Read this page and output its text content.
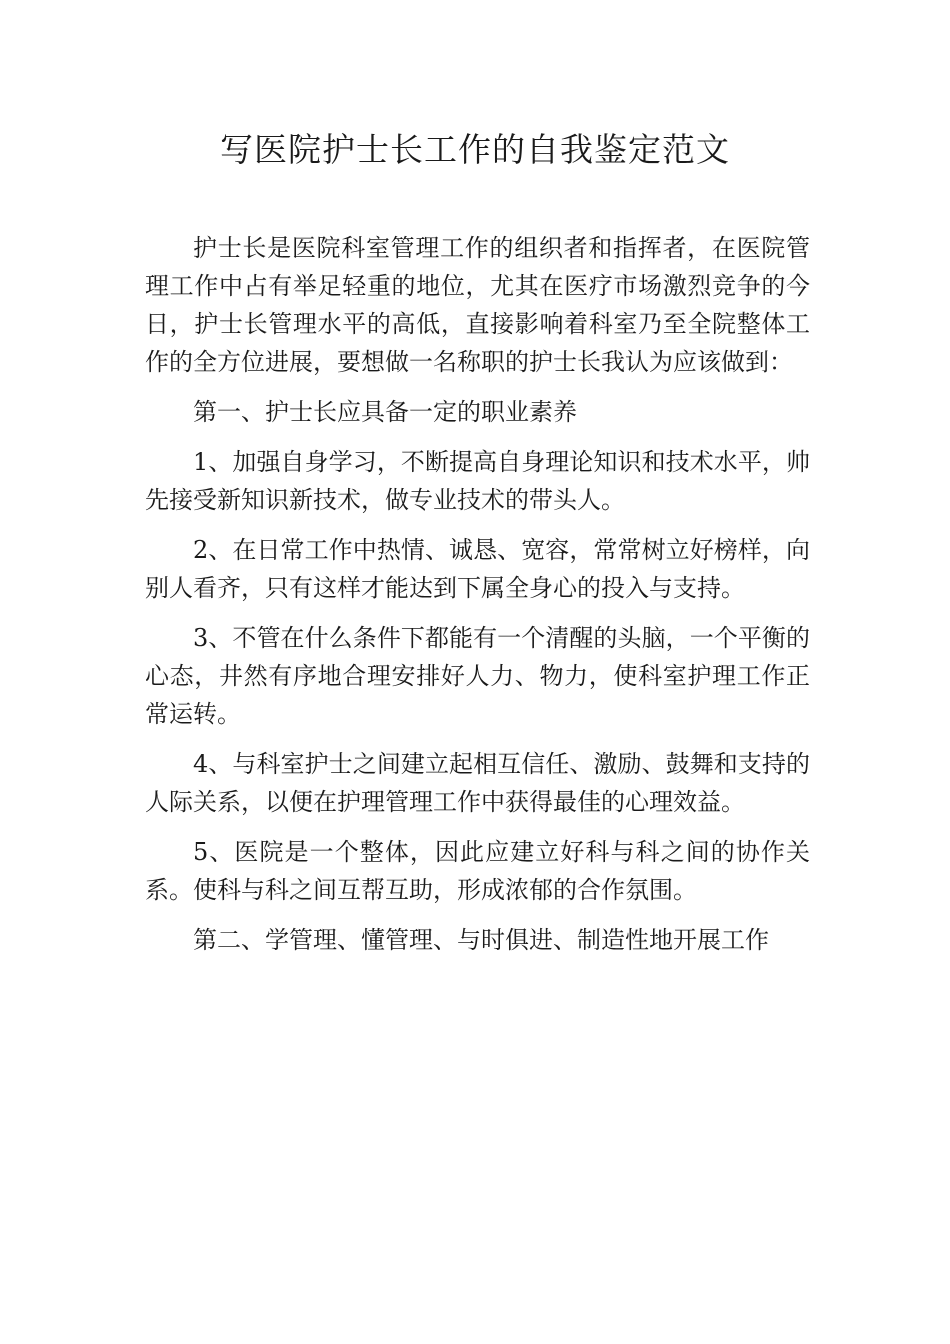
写医院护士长工作的自我鉴定范文

护士长是医院科室管理工作的组织者和指挥者，在医院管理工作中占有举足轻重的地位，尤其在医疗市场激烈竞争的今日，护士长管理水平的高低，直接影响着科室乃至全院整体工作的全方位进展，要想做一名称职的护士长我认为应该做到：

第一、护士长应具备一定的职业素养

1、加强自身学习，不断提高自身理论知识和技术水平，帅先接受新知识新技术，做专业技术的带头人。

2、在日常工作中热情、诚恳、宽容，常常树立好榜样，向别人看齐，只有这样才能达到下属全身心的投入与支持。

3、不管在什么条件下都能有一个清醒的头脑，一个平衡的心态，井然有序地合理安排好人力、物力，使科室护理工作正常运转。

4、与科室护士之间建立起相互信任、激励、鼓舞和支持的人际关系，以便在护理管理工作中获得最佳的心理效益。

5、医院是一个整体，因此应建立好科与科之间的协作关系。使科与科之间互帮互助，形成浓郁的合作氛围。

第二、学管理、懂管理、与时俱进、制造性地开展工作
